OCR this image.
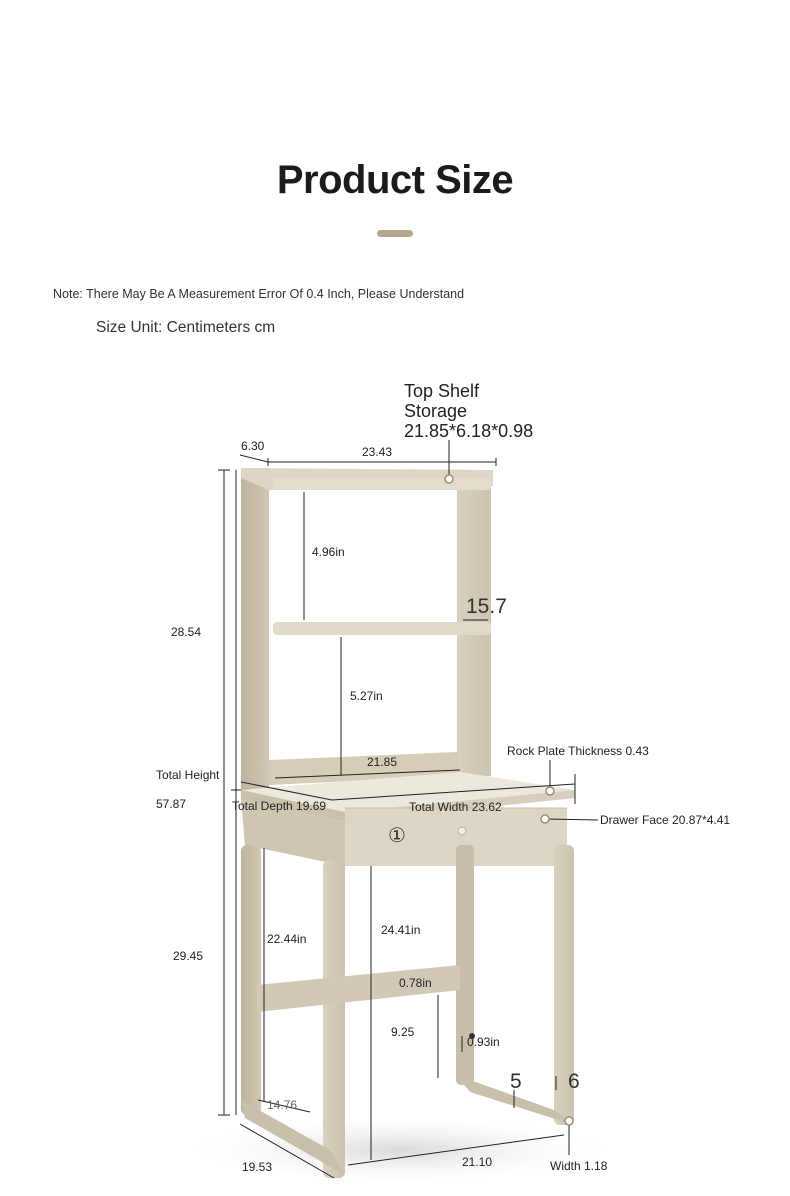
Product Size
Note: There May Be A Measurement Error Of 0.4 Inch, Please Understand
Size Unit: Centimeters cm
Top Shelf
Storage
21.85*6.18*0.98
Rock Plate Thickness 0.43
Drawer Face 20.87*4.41
①
6.30	23.43
4.96in
15.7
28.54
5.27in
21.85
Total Height
57.87	Total Depth 19.69	Total Width 23.62
29.45
22.44in
24.41in
0.78in
9.25
0.93in
5 6
14.76
19.53	21.10	Width 1.18
